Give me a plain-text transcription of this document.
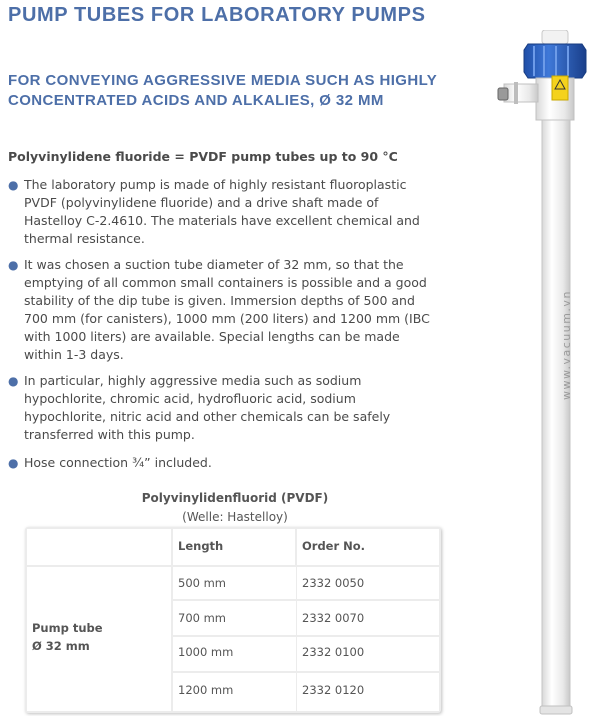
PUMP TUBES FOR LABORATORY PUMPS
FOR CONVEYING AGGRESSIVE MEDIA SUCH AS HIGHLY CONCENTRATED ACIDS AND ALKALIES, Ø 32 MM

Polyvinylidene fluoride = PVDF pump tubes up to 90 °C

● The laboratory pump is made of highly resistant fluoroplastic PVDF (polyvinylidene fluoride) and a drive shaft made of Hastelloy C-2.4610. The materials have excellent chemical and thermal resistance.
● It was chosen a suction tube diameter of 32 mm, so that the emptying of all common small containers is possible and a good stability of the dip tube is given. Immersion depths of 500 and 700 mm (for canisters), 1000 mm (200 liters) and 1200 mm (IBC with 1000 liters) are available. Special lengths can be made within 1-3 days.
● In particular, highly aggressive media such as sodium hypochlorite, chromic acid, hydrofluoric acid, sodium hypochlorite, nitric acid and other chemicals can be safely transferred with this pump.
● Hose connection ¾” included.

Polyvinylidenfluorid (PVDF)

(Welle: Hastelloy)

Length	Order No.
Pump tube
Ø 32 mm
500 mm	2332 0050
700 mm	2332 0070
1000 mm	2332 0100
1200 mm	2332 0120
www.vacuum.vn
